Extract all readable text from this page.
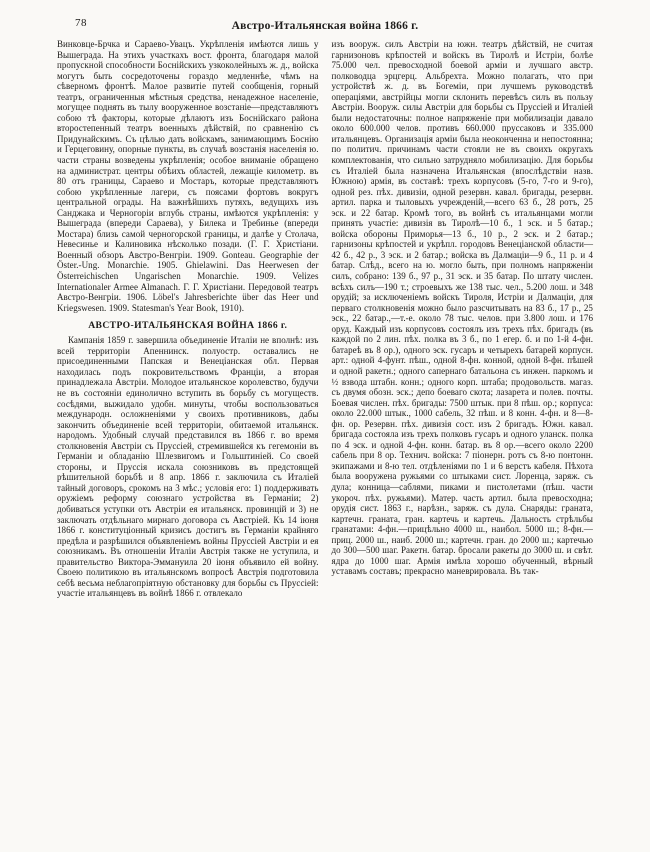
78	Австро-Итальянская война 1866 г.

Винковце-Брчка и Сараево-Увацъ. Укрѣпленія имѣются лишь у Вышеграда. На этихъ участкахъ вост. фронта, благодаря малой пропускной способности Боснійскихъ узкоколейныхъ ж. д., войска могутъ быть сосредоточены гораздо медленнѣе, чѣмъ на сѣверномъ фронтѣ. Малое развитіе путей сообщенія, горный театръ, ограниченныя мѣстныя средства, ненадежное населеніе, могущее поднять въ тылу вооруженное возстаніе—представляютъ собою тѣ факторы, которые дѣлаютъ изъ Боснійскаго района второстепенный театръ военныхъ дѣйствій, по сравненію съ Придунайскимъ. Съ цѣлью дать войскамъ, занимающимъ Боснію и Герцеговину, опорные пункты, въ случаѣ возстанія населенія ю. части страны возведены укрѣпленія; особое вниманіе обращено на администрат. центры обѣихъ областей, лежащіе километр. въ 80 отъ границы, Сараево и Мостаръ, которые представляютъ собою укрѣпленные лагери, съ поясами фортовъ вокругъ центральной ограды. На важнѣйшихъ путяхъ, ведущихъ изъ Санджака и Черногоріи вглубь страны, имѣются укрѣпленія: у Вышеграда (впереди Сараева), у Билека и Требинье (впереди Мостара) близь самой черногорской границы, и далѣе у Столача, Невесинье и Калиновика нѣсколько позади. (Г. Г. Христіани. Военный обзоръ Австро-Венгріи. 1909. Gonteau. Geographie der Öster.-Ung. Monarchie. 1905. Ghielawini. Das Heerwesen der Österreichischen Ungarischen Monarchie. 1909. Velizes Internationaler Armee Almanach. Г. Г. Христіани. Передовой театръ Австро-Венгріи. 1906. Löbel's Jahresberichte über das Heer und Kriegswesen. 1909. Statesman's Year Book, 1910).

АВСТРО-ИТАЛЬЯНСКАЯ ВОЙНА 1866 г.

Кампанія 1859 г. завершила объединеніе Италіи не вполнѣ: изъ всей территоріи Апеннинск. полуостр. оставались не присоединенными Папская и Венеціанская обл. Первая находилась подъ покровительствомъ Франціи, а вторая принадлежала Австріи. Молодое итальянское королевство, будучи не въ состояніи единолично вступить въ борьбу съ могуществ. сосѣдями, выжидало удобн. минуты, чтобы воспользоваться международн. осложненіями у своихъ противниковъ, дабы закончить объединеніе всей территоріи, обитаемой итальянск. народомъ. Удобный случай представился въ 1866 г. во время столкновенія Австріи съ Пруссіей, стремившейся къ гегемоніи въ Германіи и обладанію Шлезвигомъ и Гольштиніей. Со своей стороны, и Пруссія искала союзниковъ въ предстоящей рѣшительной борьбѣ и 8 апр. 1866 г. заключила съ Италіей тайный договоръ, срокомъ на 3 мѣс.; условія его: 1) поддерживать оружіемъ реформу союзнаго устройства въ Германіи; 2) добиваться уступки отъ Австріи ея итальянск. провинцій и 3) не заключать отдѣльнаго мирнаго договора съ Австріей. Къ 14 іюня 1866 г. конституціонный кризисъ достигъ въ Германіи крайняго предѣла и разрѣшился объявленіемъ войны Пруссіей Австріи и ея союзникамъ. Въ отношеніи Италіи Австрія также не уступила, и правительство Виктора-Эммануила 20 іюня объявило ей войну. Своею политикою въ итальянскомъ вопросѣ Австрія подготовила себѣ весьма неблагопріятную обстановку для борьбы съ Пруссіей: участіе итальянцевъ въ войнѣ 1866 г. отвлекало

изъ вооруж. силъ Австріи на южн. театръ дѣйствій, не считая гарнизоновъ крѣпостей и войскъ въ Тиролѣ и Истріи, болѣе 75.000 чел. превосходной боевой арміи и лучшаго австр. полководца эрцгерц. Альбрехта. Можно полагать, что при устройствѣ ж. д. въ Богеміи, при лучшемъ руководствѣ операціями, австрійцы могли склонить перевѣсъ силъ въ пользу Австріи. Вооруж. силы Австріи для борьбы съ Пруссіей и Италіей были недостаточны: полное напряженіе при мобилизаціи давало около 600.000 челов. противъ 660.000 пруссаковъ и 335.000 итальянцевъ. Организація арміи была неоконченна и непостоянна; по политич. причинамъ части стояли не въ своихъ округахъ комплектованія, что сильно затрудняло мобилизацію. Для борьбы съ Италіей была назначена Итальянская (впослѣдствіи назв. Южною) армія, въ составѣ: трехъ корпусовъ (5-го, 7-го и 9-го), одной рез. пѣх. дивизіи, одной резервн. кавал. бригады, резервн. артил. парка и тыловыхъ учрежденій,—всего 63 б., 28 ротъ, 25 эск. и 22 батар. Кромѣ того, въ войнѣ съ итальянцами могли принять участіе: дивизія въ Тиролѣ—10 б., 1 эск. и 5 батар.; войска обороны Приморья—13 б., 10 р., 2 эск. и 2 батар.; гарнизоны крѣпостей и укрѣпл. городовъ Венеціанской области—42 б., 42 р., 3 эск. и 2 батар.; войска въ Далмаціи—9 б., 11 р. и 4 батар. Слѣд., всего на ю. могло быть, при полномъ напряженіи силъ, собрано: 139 б., 97 р., 31 эск. и 35 батар. По штату числен. всѣхъ силъ—190 т.; строевыхъ же 138 тыс. чел., 5.200 лош. и 348 орудій; за исключеніемъ войскъ Тироля, Истріи и Далмаціи, для перваго столкновенія можно было разсчитывать на 83 б., 17 р., 25 эск., 22 батар.,—т.-е. около 78 тыс. челов. при 3.800 лош. и 176 оруд. Каждый изъ корпусовъ состоялъ изъ трехъ пѣх. бригадъ (въ каждой по 2 лин. пѣх. полка въ 3 б., по 1 егер. б. и по 1-й 4-фн. батареѣ въ 8 ор.), одного эск. гусаръ и четырехъ батарей корпусн. арт.: одной 4-фунт. пѣш., одной 8-фн. конной, одной 8-фн. пѣшей и одной ракетн.; одного сапернаго батальона съ инжен. паркомъ и ½ взвода штабн. конн.; одного корп. штаба; продовольств. магаз. съ двумя обозн. эск.; депо боеваго скота; лазарета и полев. почты. Боевая числен. пѣх. бригады: 7500 штык. при 8 пѣш. ор.; корпуса: около 22.000 штык., 1000 сабель, 32 пѣш. и 8 конн. 4-фн. и 8—8-фн. ор. Резервн. пѣх. дивизія сост. изъ 2 бригадъ. Южн. кавал. бригада состояла изъ трехъ полковъ гусаръ и одного уланск. полка по 4 эск. и одной 4-фн. конн. батар. въ 8 ор.—всего около 2200 сабель при 8 ор. Технич. войска: 7 піонерн. ротъ съ 8-ю понтонн. экипажами и 8-ю тел. отдѣленіями по 1 и 6 верстъ кабеля. Пѣхота была вооружена ружьями со штыками сист. Лоренца, заряж. съ дула; конница—саблями, пиками и пистолетами (пѣш. части укороч. пѣх. ружьями). Матер. часть артил. была превосходна; орудія сист. 1863 г., нарѣзн., заряж. съ дула. Снаряды: граната, картечн. граната, гран. картечь и картечь. Дальность стрѣльбы гранатами: 4-фн.—прицѣльно 4000 ш., наибол. 5000 ш.; 8-фн.—приц. 2000 ш., наиб. 2000 ш.; картечн. гран. до 2000 ш.; картечью до 300—500 шаг. Ракетн. батар. бросали ракеты до 3000 ш. и свѣт. ядра до 1000 шаг. Армія имѣла хорошо обученный, вѣрный уставамъ составъ; прекрасно маневрировала. Въ так-
